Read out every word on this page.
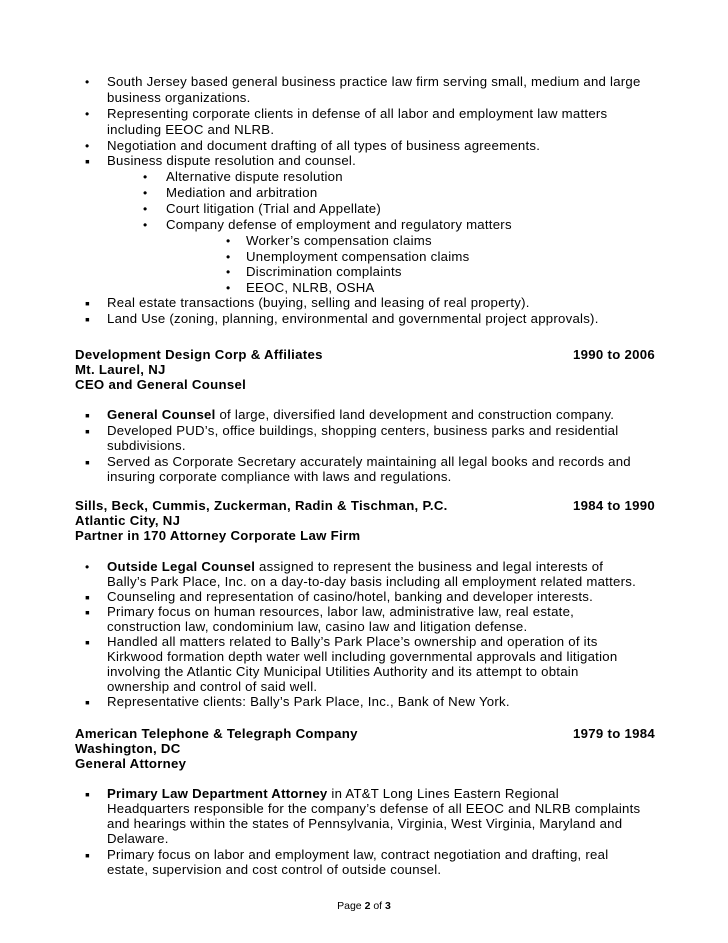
•
South Jersey based general business practice law firm serving small, medium and large
business organizations.
•
Representing corporate clients in defense of all labor and employment law matters
including EEOC and NLRB.
•
Negotiation and document drafting of all types of business agreements.
▪
Business dispute resolution and counsel.
•
Alternative dispute resolution
•
Mediation and arbitration
•
Court litigation (Trial and Appellate)
•
Company defense of employment and regulatory matters
•
Worker’s compensation claims
•
Unemployment compensation claims
•
Discrimination complaints
•
EEOC, NLRB, OSHA
▪
Real estate transactions (buying, selling and leasing of real property).
▪
Land Use (zoning, planning, environmental and governmental project approvals).
Development Design Corp & Affiliates	1990 to 2006
Mt. Laurel, NJ
CEO and General Counsel
▪
General Counsel of large, diversified land development and construction company.
▪
Developed PUD’s, office buildings, shopping centers, business parks and residential
subdivisions.
▪
Served as Corporate Secretary accurately maintaining all legal books and records and
insuring corporate compliance with laws and regulations.
Sills, Beck, Cummis, Zuckerman, Radin & Tischman, P.C.	1984 to 1990
Atlantic City, NJ
Partner in 170 Attorney Corporate Law Firm
•
Outside Legal Counsel assigned to represent the business and legal interests of
Bally’s Park Place, Inc. on a day-to-day basis including all employment related matters.
▪
Counseling and representation of casino/hotel, banking and developer interests.
▪
Primary focus on human resources, labor law, administrative law, real estate,
construction law, condominium law, casino law and litigation defense.
▪
Handled all matters related to Bally’s Park Place’s ownership and operation of its
Kirkwood formation depth water well including governmental approvals and litigation
involving the Atlantic City Municipal Utilities Authority and its attempt to obtain
ownership and control of said well.
▪
Representative clients: Bally’s Park Place, Inc., Bank of New York.
American Telephone & Telegraph Company	1979 to 1984
Washington, DC
General Attorney
▪
Primary Law Department Attorney in AT&T Long Lines Eastern Regional
Headquarters responsible for the company’s defense of all EEOC and NLRB complaints
and hearings within the states of Pennsylvania, Virginia, West Virginia, Maryland and
Delaware.
▪
Primary focus on labor and employment law, contract negotiation and drafting, real
estate, supervision and cost control of outside counsel.
Page 2 of 3
